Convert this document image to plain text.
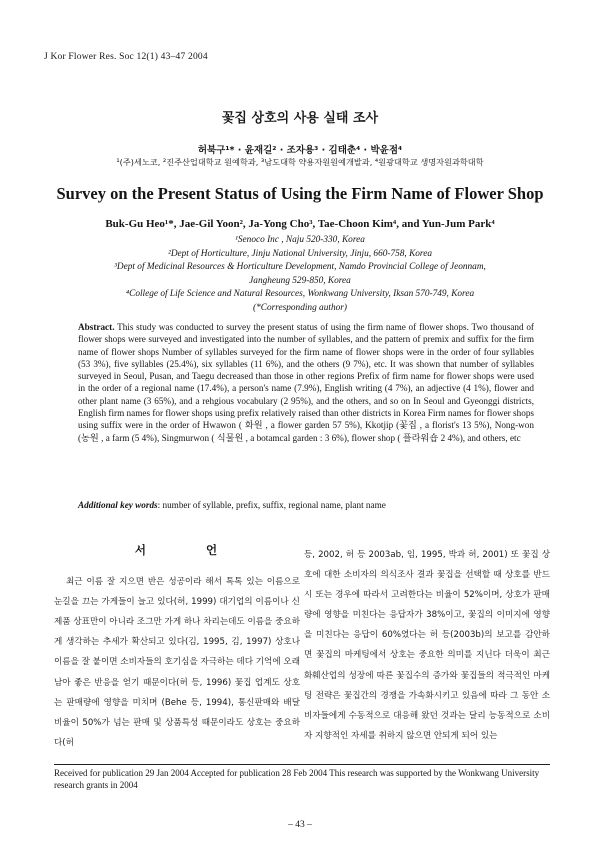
J Kor Flower Res. Soc 12(1) 43–47 2004
꽃집 상호의 사용 실태 조사
허북구¹* · 윤재길² · 조자용³ · 김태춘⁴ · 박윤점⁴
¹(주)세노코, ²진주산업대학교 원예학과, ³남도대학 약용자원원예개발과, ⁴원광대학교 생명자원과학대학
Survey on the Present Status of Using the Firm Name of Flower Shop
Buk-Gu Heo¹*, Jae-Gil Yoon², Ja-Yong Cho³, Tae-Choon Kim⁴, and Yun-Jum Park⁴
¹Senoco Inc , Naju 520-330, Korea
²Dept of Horticulture, Jinju National University, Jinju, 660-758, Korea
³Dept of Medicinal Resources & Horticulture Development, Namdo Provincial College of Jeonnam,
Jangheung 529-850, Korea
⁴College of Life Science and Natural Resources, Wonkwang University, Iksan 570-749, Korea
(*Corresponding author)
Abstract. This study was conducted to survey the present status of using the firm name of flower shops. Two thousand of flower shops were surveyed and investigated into the number of syllables, and the pattern of premix and suffix for the firm name of flower shops Number of syllables surveyed for the firm name of flower shops were in the order of four syllables (53 3%), five syllables (25.4%), six syllables (11 6%), and the others (9 7%), etc. It was shown that number of syllables surveyed in Seoul, Pusan, and Taegu decreased than those in other regions Prefix of firm name for flower shops were used in the order of a regional name (17.4%), a person's name (7.9%), English writing (4 7%), an adjective (4 1%), flower and other plant name (3 65%), and a rehgious vocabulary (2 95%), and the others, and so on In Seoul and Gyeonggi districts, English firm names for flower shops using prefix relatively raised than other districts in Korea Firm names for flower shops using suffix were in the order of Hwawon ( 화원 , a flower garden 57 5%), Kkotjip (꽃집 , a florist's 13 5%), Nong-won (농원 , a farm (5 4%), Singmurwon ( 식물원 , a botamcal garden : 3 6%), flower shop ( 플라워숍 2 4%), and others, etc
Additional key words: number of syllable, prefix, suffix, regional name, plant name
서 언
최근 이름 잘 지으면 반은 성공이라 해서 톡톡 있는 이름으로 눈길을 끄는 가게들이 늘고 있다(허, 1999) 대기업의 이름이나 신제품 상표만이 아니라 조그만 가게 하나 차리는데도 이름을 중요하게 생각하는 추세가 확산되고 있다(김, 1995, 김, 1997) 상호나 이름을 잘 붙이면 소비자들의 호기심을 자극하는 데다 기억에 오래 남아 좋은 반응을 얻기 때문이다(허 등, 1996) 꽃집 업계도 상호는 판매량에 영향을 미치며 (Behe 등, 1994), 통신판매와 배달 비율이 50%가 넘는 판매 및 상품특성 때문이라도 상호는 중요하다(허
등, 2002, 허 등 2003ab, 임, 1995, 박과 허, 2001) 또 꽃집 상호에 대한 소비자의 의식조사 결과 꽃집을 선택할 때 상호를 반드시 또는 경우에 따라서 고려한다는 비율이 52%이며, 상호가 판매량에 영향을 미친다는 응답자가 38%이고, 꽃집의 이미지에 영향을 미친다는 응답이 60%였다는 허 등(2003b)의 보고를 감안하면 꽃집의 마케팅에서 상호는 중요한 의미를 지닌다 더욱이 최근 화훼산업의 성장에 따른 꽃집수의 증가와 꽃집들의 적극적인 마케팅 전략은 꽃집간의 경쟁을 가속화시키고 있음에 따라 그 동안 소비자들에게 수동적으로 대응해 왔던 것과는 달리 능동적으로 소비자 지향적인 자세를 취하지 않으면 안되게 되어 있는
Received for publication 29 Jan 2004 Accepted for publication 28 Feb 2004 This research was supported by the Wonkwang University research grants in 2004
– 43 –
